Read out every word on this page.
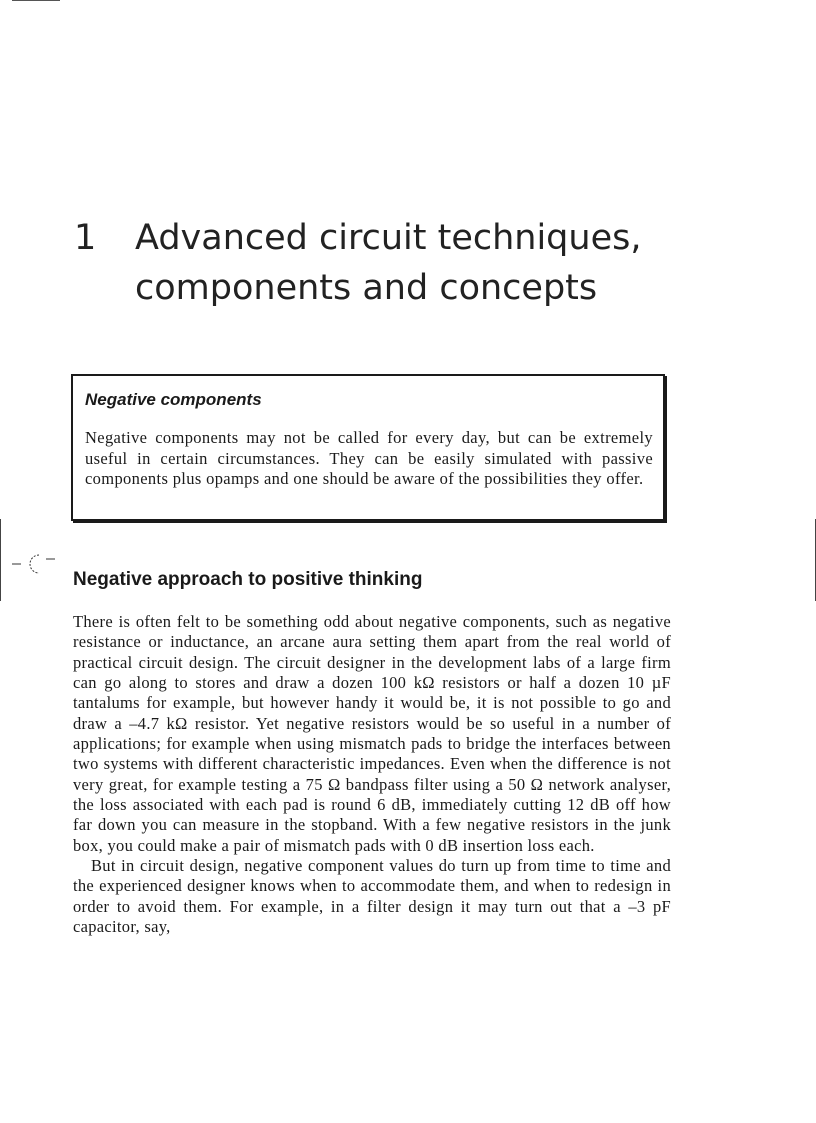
1 Advanced circuit techniques, components and concepts
Negative components

Negative components may not be called for every day, but can be extremely useful in certain circumstances. They can be easily simulated with passive components plus opamps and one should be aware of the possibilities they offer.

Negative approach to positive thinking

There is often felt to be something odd about negative components, such as negative resistance or inductance, an arcane aura setting them apart from the real world of practical circuit design. The circuit designer in the development labs of a large firm can go along to stores and draw a dozen 100 kΩ resistors or half a dozen 10 µF tantalums for example, but however handy it would be, it is not possible to go and draw a –4.7 kΩ resistor. Yet negative resistors would be so useful in a number of applications; for example when using mismatch pads to bridge the interfaces between two systems with different characteristic impedances. Even when the difference is not very great, for example testing a 75 Ω bandpass filter using a 50 Ω network analyser, the loss associated with each pad is round 6 dB, immediately cutting 12 dB off how far down you can measure in the stopband. With a few negative resistors in the junk box, you could make a pair of mismatch pads with 0 dB insertion loss each.

But in circuit design, negative component values do turn up from time to time and the experienced designer knows when to accommodate them, and when to redesign in order to avoid them. For example, in a filter design it may turn out that a –3 pF capacitor, say,
